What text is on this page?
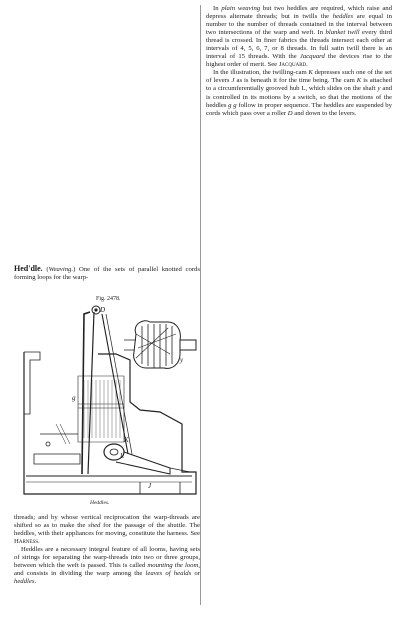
In plain weaving but two heddles are required, which raise and depress alternate threads; but in twills the heddles are equal in number to the number of threads contained in the interval between two intersections of the warp and weft. In blanket twill every third thread is crossed. In finer fabrics the threads intersect each other at intervals of 4, 5, 6, 7, or 8 threads. In full satin twill there is an interval of 15 threads. With the Jacquard the devices rise to the highest order of merit. See Jacquard.

In the illustration, the twilling-cam K depresses such one of the set of levers J as is beneath it for the time being. The cam K is attached to a circumferentially grooved hub L, which slides on the shaft y and is controlled in its motions by a switch, so that the motions of the heddles g g follow in proper sequence. The heddles are suspended by cords which pass over a roller D and down to the levers.

Hed'dle. (Weaving.) One of the sets of parallel knotted cords forming loops for the warp-

Fig. 2478.
D
K
J
g
L
y
Heddles.

threads; and by whose vertical reciprocation the warp-threads are shifted so as to make the shed for the passage of the shuttle. The heddles, with their appliances for moving, constitute the harness. See Harness.

Heddles are a necessary integral feature of all looms, having sets of strings for separating the warp-threads into two or three groups, between which the weft is passed. This is called mounting the loom, and consists in dividing the warp among the leaves of healds or heddles.
